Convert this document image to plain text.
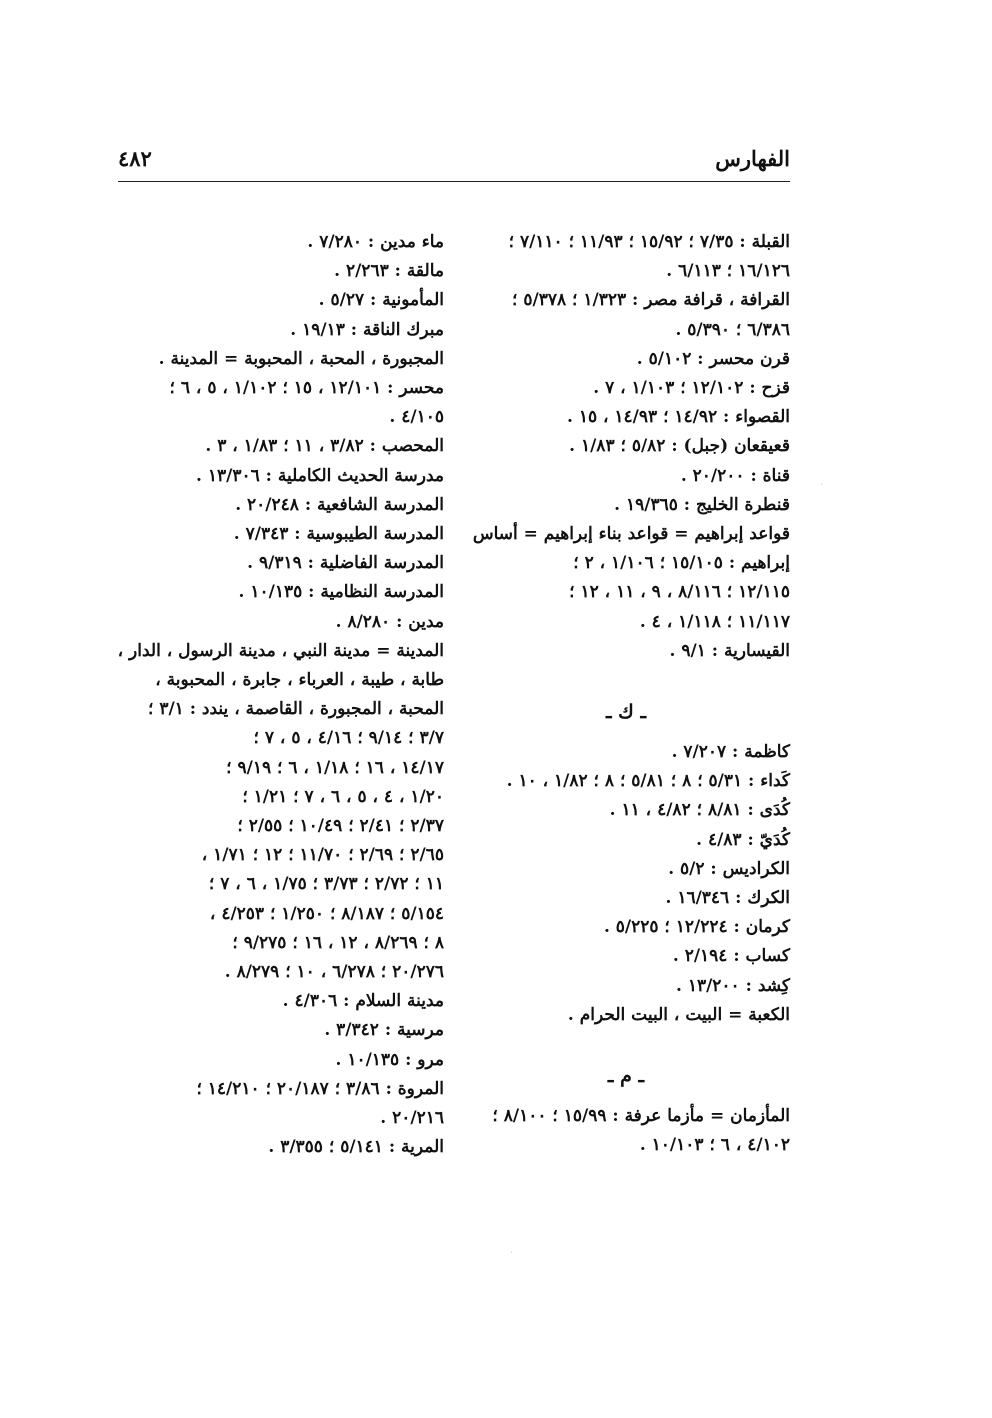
الفهارس
٤٨٢
القبلة : ٧/٣٥ ؛ ١٥/٩٢ ؛ ١١/٩٣ ؛ ٧/١١٠ ؛
١٦/١٢٦ ؛ ٦/١١٣ .
القرافة ، قرافة مصر : ١/٣٢٣ ؛ ٥/٣٧٨ ؛
٦/٣٨٦ ؛ ٥/٣٩٠ .
قرن محسر : ٥/١٠٢ .
قزح : ١٢/١٠٢ ؛ ١/١٠٣ ، ٧ .
القصواء : ١٤/٩٢ ؛ ١٤/٩٣ ، ١٥ .
قعيقعان (جبل) : ٥/٨٢ ؛ ١/٨٣ .
قناة : ٢٠/٢٠٠ .
قنطرة الخليج : ١٩/٣٦٥ .
قواعد إبراهيم = قواعد بناء إبراهيم = أساس
إبراهيم : ١٥/١٠٥ ؛ ١/١٠٦ ، ٢ ؛
١٢/١١٥ ؛ ٨/١١٦ ، ٩ ، ١١ ، ١٢ ؛
١١/١١٧ ؛ ١/١١٨ ، ٤ .
القيسارية : ٩/١ .
ـ ك ـ
كاظمة : ٧/٢٠٧ .
كَداء : ٥/٣١ ؛ ٨ ؛ ٥/٨١ ؛ ٨ ؛ ١/٨٢ ، ١٠ .
كُدَى : ٨/٨١ ؛ ٤/٨٢ ، ١١ .
كُدَيّ : ٤/٨٣ .
الكراديس : ٥/٢ .
الكرك : ١٦/٣٤٦ .
كرمان : ١٢/٢٢٤ ؛ ٥/٢٢٥ .
كساب : ٢/١٩٤ .
كِشد : ١٣/٢٠٠ .
الكعبة = البيت ، البيت الحرام .
ـ م ـ
المأزمان = مأزما عرفة : ١٥/٩٩ ؛ ٨/١٠٠ ؛
٤/١٠٢ ، ٦ ؛ ١٠/١٠٣ .
ماء مدين : ٧/٢٨٠ .
مالقة : ٢/٢٦٣ .
المأمونية : ٥/٢٧ .
مبرك الناقة : ١٩/١٣ .
المجبورة ، المحبة ، المحبوبة = المدينة .
محسر : ١٢/١٠١ ، ١٥ ؛ ١/١٠٢ ، ٥ ، ٦ ؛
٤/١٠٥ .
المحصب : ٣/٨٢ ، ١١ ؛ ١/٨٣ ، ٣ .
مدرسة الحديث الكاملية : ١٣/٣٠٦ .
المدرسة الشافعية : ٢٠/٢٤٨ .
المدرسة الطيبوسية : ٧/٣٤٣ .
المدرسة الفاضلية : ٩/٣١٩ .
المدرسة النظامية : ١٠/١٣٥ .
مدين : ٨/٢٨٠ .
المدينة = مدينة النبي ، مدينة الرسول ، الدار ،
طابة ، طيبة ، العرباء ، جابرة ، المحبوبة ،
المحبة ، المجبورة ، القاصمة ، يندد : ٣/١ ؛
٣/٧ ؛ ٩/١٤ ؛ ٤/١٦ ، ٥ ، ٧ ؛
١٤/١٧ ، ١٦ ؛ ١/١٨ ، ٦ ؛ ٩/١٩ ؛
١/٢٠ ، ٤ ، ٥ ، ٦ ، ٧ ؛ ١/٢١ ؛
٢/٣٧ ؛ ٢/٤١ ؛ ١٠/٤٩ ؛ ٢/٥٥ ؛
٢/٦٥ ؛ ٢/٦٩ ؛ ١١/٧٠ ؛ ١٢ ؛ ١/٧١ ،
١١ ؛ ٢/٧٢ ؛ ٣/٧٣ ؛ ١/٧٥ ، ٦ ، ٧ ؛
٥/١٥٤ ؛ ٨/١٨٧ ؛ ١/٢٥٠ ؛ ٤/٢٥٣ ،
٨ ؛ ٨/٢٦٩ ، ١٢ ، ١٦ ؛ ٩/٢٧٥ ؛
٢٠/٢٧٦ ؛ ٦/٢٧٨ ، ١٠ ؛ ٨/٢٧٩ .
مدينة السلام : ٤/٣٠٦ .
مرسية : ٣/٣٤٢ .
مرو : ١٠/١٣٥ .
المروة : ٣/٨٦ ؛ ٢٠/١٨٧ ؛ ١٤/٢١٠ ؛
٢٠/٢١٦ .
المرية : ٥/١٤١ ؛ ٣/٣٥٥ .
·
·
